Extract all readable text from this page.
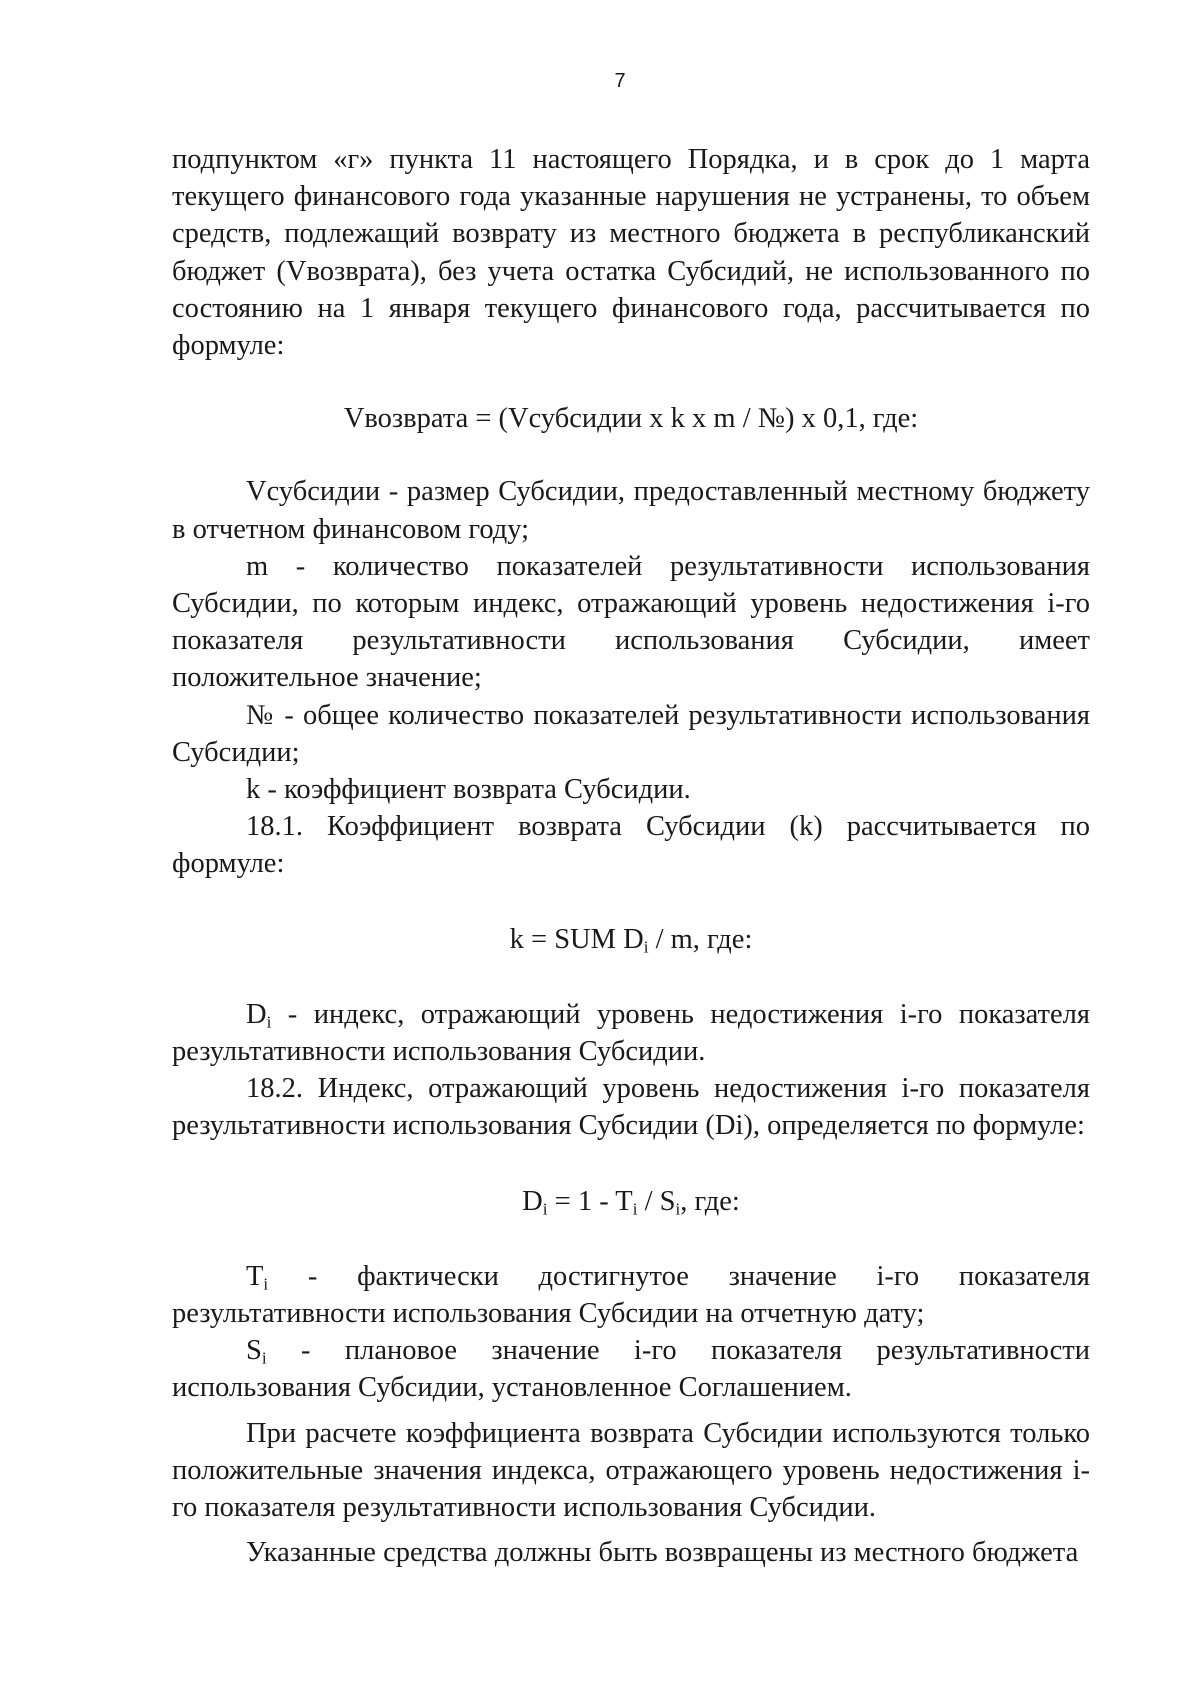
7

подпунктом «г» пункта 11 настоящего Порядка, и в срок до 1 марта текущего финансового года указанные нарушения не устранены, то объем средств, подлежащий возврату из местного бюджета в республиканский бюджет (Vвозврата), без учета остатка Субсидий, не использованного по состоянию на 1 января текущего финансового года, рассчитывается по формуле:

Vвозврата = (Vсубсидии x k x m / №) x 0,1, где:

Vсубсидии - размер Субсидии, предоставленный местному бюджету в отчетном финансовом году;

m - количество показателей результативности использования Субсидии, по которым индекс, отражающий уровень недостижения i-го показателя результативности использования Субсидии, имеет положительное значение;

№ - общее количество показателей результативности использования Субсидии;

k - коэффициент возврата Субсидии.

18.1. Коэффициент возврата Субсидии (k) рассчитывается по формуле:

k = SUM $D_i$ / m, где:

$D_i$ - индекс, отражающий уровень недостижения i-го показателя результативности использования Субсидии.

18.2. Индекс, отражающий уровень недостижения i-го показателя результативности использования Субсидии (Di), определяется по формуле:

$D_i = 1 - T_i / S_i$, где:

$T_i$ - фактически достигнутое значение i-го показателя результативности использования Субсидии на отчетную дату;

$S_i$ - плановое значение i-го показателя результативности использования Субсидии, установленное Соглашением.

При расчете коэффициента возврата Субсидии используются только положительные значения индекса, отражающего уровень недостижения i-го показателя результативности использования Субсидии.

Указанные средства должны быть возвращены из местного бюджета
